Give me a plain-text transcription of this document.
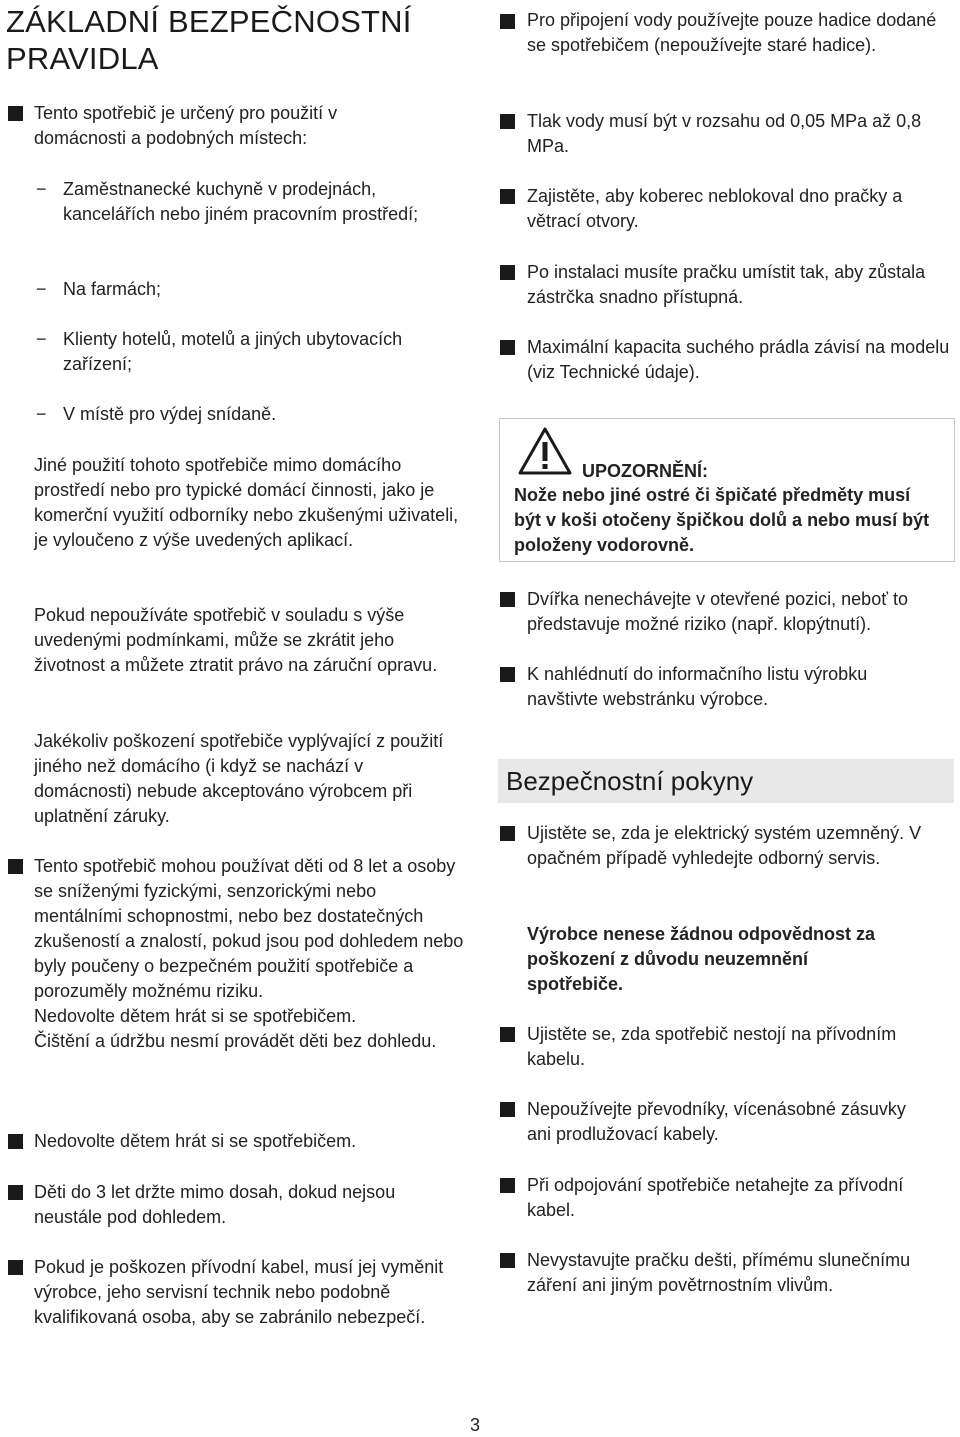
ZÁKLADNÍ BEZPEČNOSTNÍ PRAVIDLA

Tento spotřebič je určený pro použití v domácnosti a podobných místech:

− Zaměstnanecké kuchyně v prodejnách, kancelářích nebo jiném pracovním prostředí;

− Na farmách;

− Klienty hotelů, motelů a jiných ubytovacích zařízení;

− V místě pro výdej snídaně.

Jiné použití tohoto spotřebiče mimo domácího prostředí nebo pro typické domácí činnosti, jako je komerční využití odborníky nebo zkušenými uživateli, je vyloučeno z výše uvedených aplikací.

Pokud nepoužíváte spotřebič v souladu s výše uvedenými podmínkami, může se zkrátit jeho životnost a můžete ztratit právo na záruční opravu.

Jakékoliv poškození spotřebiče vyplývající z použití jiného než domácího (i když se nachází v domácnosti) nebude akceptováno výrobcem při uplatnění záruky.

Tento spotřebič mohou používat děti od 8 let a osoby se sníženými fyzickými, senzorickými nebo mentálními schopnostmi, nebo bez dostatečných zkušeností a znalostí, pokud jsou pod dohledem nebo byly poučeny o bezpečném použití spotřebiče a porozuměly možnému riziku.
Nedovolte dětem hrát si se spotřebičem.
Čištění a údržbu nesmí provádět děti bez dohledu.

Nedovolte dětem hrát si se spotřebičem.

Děti do 3 let držte mimo dosah, dokud nejsou neustále pod dohledem.

Pokud je poškozen přívodní kabel, musí jej vyměnit výrobce, jeho servisní technik nebo podobně kvalifikovaná osoba, aby se zabránilo nebezpečí.

Pro připojení vody používejte pouze hadice dodané se spotřebičem (nepoužívejte staré hadice).

Tlak vody musí být v rozsahu od 0,05 MPa až 0,8 MPa.

Zajistěte, aby koberec neblokoval dno pračky a větrací otvory.

Po instalaci musíte pračku umístit tak, aby zůstala zástrčka snadno přístupná.

Maximální kapacita suchého prádla závisí na modelu (viz Technické údaje).

UPOZORNĚNÍ:
Nože nebo jiné ostré či špičaté předměty musí být v koši otočeny špičkou dolů a nebo musí být položeny vodorovně.

Dvířka nenechávejte v otevřené pozici, neboť to představuje možné riziko (např. klopýtnutí).

K nahlédnutí do informačního listu výrobku navštivte webstránku výrobce.

Bezpečnostní pokyny

Ujistěte se, zda je elektrický systém uzemněný. V opačném případě vyhledejte odborný servis.

Výrobce nenese žádnou odpovědnost za poškození z důvodu neuzemnění spotřebiče.

Ujistěte se, zda spotřebič nestojí na přívodním kabelu.

Nepoužívejte převodníky, vícenásobné zásuvky ani prodlužovací kabely.

Při odpojování spotřebiče netahejte za přívodní kabel.

Nevystavujte pračku dešti, přímému slunečnímu záření ani jiným povětrnostním vlivům.

3
